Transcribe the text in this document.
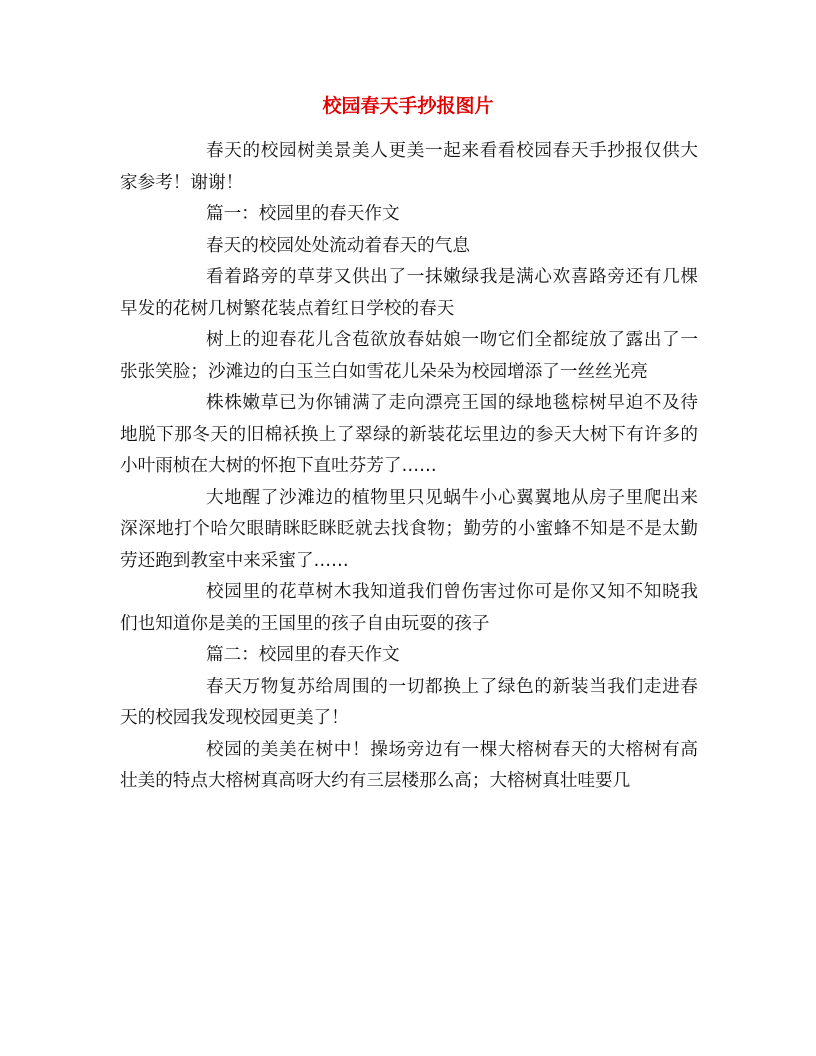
校园春天手抄报图片

春天的校园树美景美人更美一起来看看校园春天手抄报仅供大家参考！谢谢！

篇一：校园里的春天作文

春天的校园处处流动着春天的气息

看着路旁的草芽又供出了一抹嫩绿我是满心欢喜路旁还有几棵早发的花树几树繁花装点着红日学校的春天

树上的迎春花儿含苞欲放春姑娘一吻它们全都绽放了露出了一张张笑脸；沙滩边的白玉兰白如雪花儿朵朵为校园增添了一丝丝光亮

株株嫩草已为你铺满了走向漂亮王国的绿地毯棕树早迫不及待地脱下那冬天的旧棉袄换上了翠绿的新装花坛里边的参天大树下有许多的小叶雨桢在大树的怀抱下直吐芬芳了……

大地醒了沙滩边的植物里只见蜗牛小心翼翼地从房子里爬出来深深地打个哈欠眼睛眯眨眯眨就去找食物；勤劳的小蜜蜂不知是不是太勤劳还跑到教室中来采蜜了……

校园里的花草树木我知道我们曾伤害过你可是你又知不知晓我们也知道你是美的王国里的孩子自由玩耍的孩子

篇二：校园里的春天作文

春天万物复苏给周围的一切都换上了绿色的新装当我们走进春天的校园我发现校园更美了！

校园的美美在树中！操场旁边有一棵大榕树春天的大榕树有高壮美的特点大榕树真高呀大约有三层楼那么高；大榕树真壮哇要几
